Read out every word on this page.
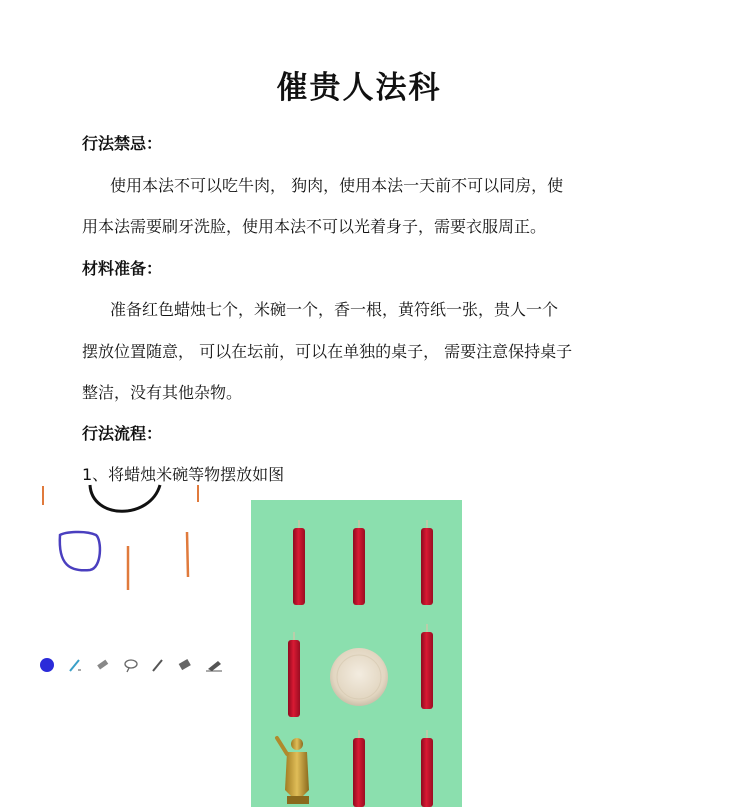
催贵人法科
行法禁忌：
使用本法不可以吃牛肉， 狗肉，使用本法一天前不可以同房，使
用本法需要刷牙洗脸，使用本法不可以光着身子，需要衣服周正。
材料准备：
准备红色蜡烛七个，米碗一个，香一根，黄符纸一张，贵人一个
摆放位置随意， 可以在坛前，可以在单独的桌子， 需要注意保持桌子
整洁，没有其他杂物。
行法流程：
1、将蜡烛米碗等物摆放如图
